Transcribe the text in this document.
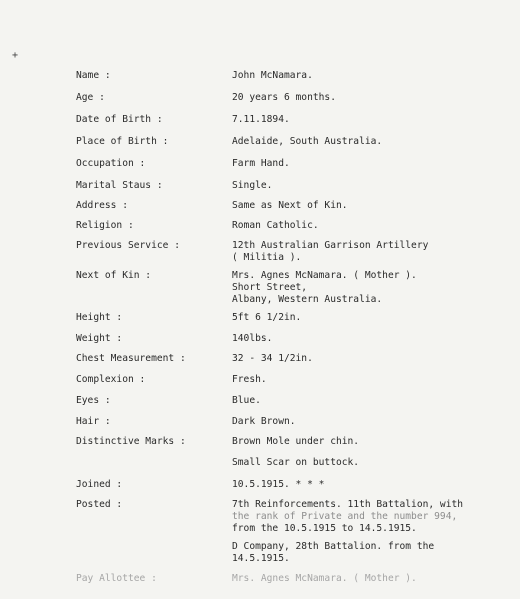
+
Name :	John McNamara.
Age :	20 years 6 months.
Date of Birth :	7.11.1894.
Place of Birth :	Adelaide, South Australia.
Occupation :	Farm Hand.
Marital Staus :	Single.
Address :	Same as Next of Kin.
Religion :	Roman Catholic.
Previous Service :	12th Australian Garrison Artillery
( Militia ).
Next of Kin :	Mrs. Agnes McNamara. ( Mother ).
Short Street,
Albany, Western Australia.
Height :	5ft 6 1/2in.
Weight :	140lbs.
Chest Measurement :	32 - 34 1/2in.
Complexion :	Fresh.
Eyes :	Blue.
Hair :	Dark Brown.
Distinctive Marks :	Brown Mole under chin.
Small Scar on buttock.
Joined :	10.5.1915. * * *
Posted :	7th Reinforcements. 11th Battalion, with
the rank of Private and the number 994,
from the 10.5.1915 to 14.5.1915.
D Company, 28th Battalion. from the
14.5.1915.
Pay Allottee :	Mrs. Agnes McNamara. ( Mother ).
